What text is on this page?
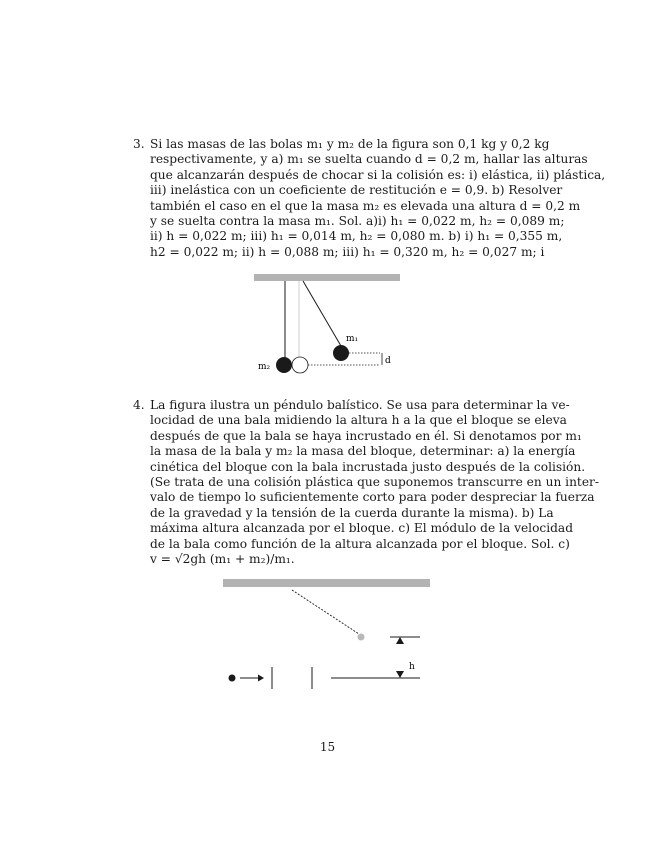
3. Si las masas de las bolas m₁ y m₂ de la figura son 0,1 kg y 0,2 kg
respectivamente, y a) m₁ se suelta cuando d = 0,2 m, hallar las alturas
que alcanzarán después de chocar si la colisión es: i) elástica, ii) plástica,
iii) inelástica con un coeficiente de restitución e = 0,9. b) Resolver
también el caso en el que la masa m₂ es elevada una altura d = 0,2 m
y se suelta contra la masa m₁. Sol. a)i) h₁ = 0,022 m, h₂ = 0,089 m;
ii) h = 0,022 m; iii) h₁ = 0,014 m, h₂ = 0,080 m. b) i) h₁ = 0,355 m,
h2 = 0,022 m; ii) h = 0,088 m; iii) h₁ = 0,320 m, h₂ = 0,027 m; i
m₁
m₂
d
4. La figura ilustra un péndulo balístico. Se usa para determinar la ve-
locidad de una bala midiendo la altura h a la que el bloque se eleva
después de que la bala se haya incrustado en él. Si denotamos por m₁
la masa de la bala y m₂ la masa del bloque, determinar: a) la energía
cinética del bloque con la bala incrustada justo después de la colisión.
(Se trata de una colisión plástica que suponemos transcurre en un inter-
valo de tiempo lo suficientemente corto para poder despreciar la fuerza
de la gravedad y la tensión de la cuerda durante la misma). b) La
máxima altura alcanzada por el bloque. c) El módulo de la velocidad
de la bala como función de la altura alcanzada por el bloque. Sol. c)
v = √2gh (m₁ + m₂)/m₁.
h
15
